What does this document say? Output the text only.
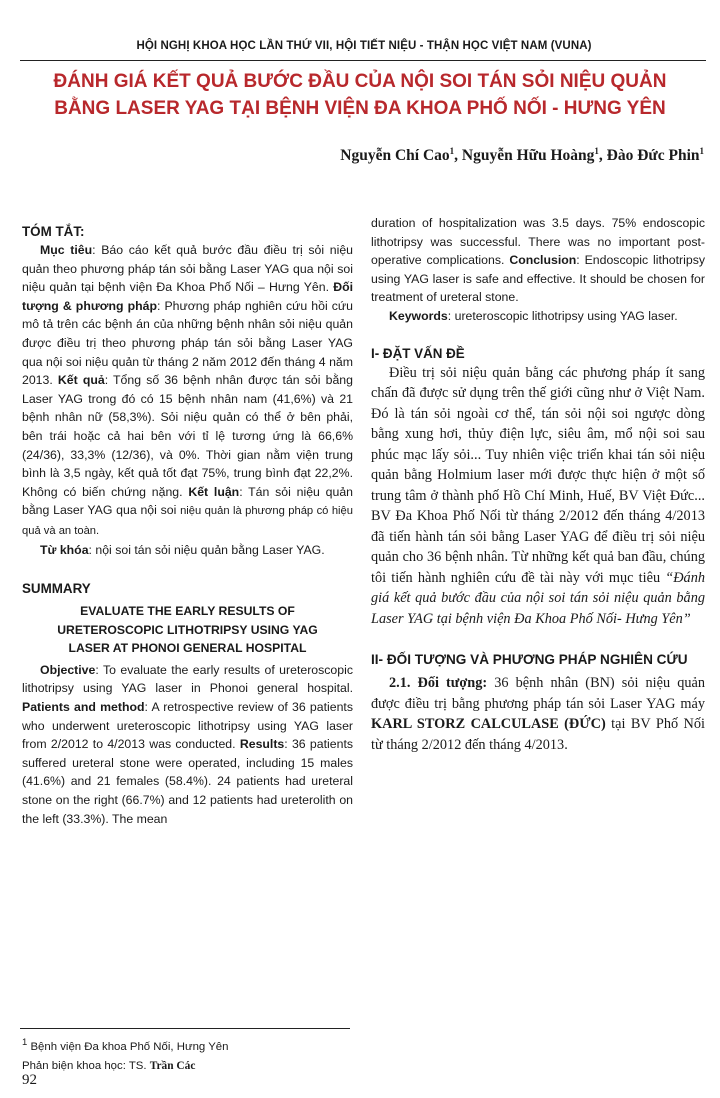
HỘI NGHỊ KHOA HỌC LẦN THỨ VII, HỘI TIẾT NIỆU - THẬN HỌC VIỆT NAM (VUNA)
ĐÁNH GIÁ KẾT QUẢ BƯỚC ĐẦU CỦA NỘI SOI TÁN SỎI NIỆU QUẢN
BẰNG LASER YAG TẠI BỆNH VIỆN ĐA KHOA PHỐ NỐI - HƯNG YÊN
Nguyễn Chí Cao$^1$, Nguyễn Hữu Hoàng$^1$, Đào Đức Phin$^1$
TÓM TẮT:

Mục tiêu: Báo cáo kết quả bước đầu điều trị sỏi niệu quản theo phương pháp tán sỏi bằng Laser YAG qua nội soi niệu quản tại bệnh viện Đa Khoa Phố Nối – Hưng Yên. Đối tượng & phương pháp: Phương pháp nghiên cứu hồi cứu mô tả trên các bệnh án của những bệnh nhân sỏi niệu quản được điều trị theo phương pháp tán sỏi bằng Laser YAG qua nội soi niệu quản từ tháng 2 năm 2012 đến tháng 4 năm 2013. Kết quả: Tổng số 36 bệnh nhân được tán sỏi bằng Laser YAG trong đó có 15 bệnh nhân nam (41,6%) và 21 bệnh nhân nữ (58,3%). Sỏi niệu quản có thể ở bên phải, bên trái hoặc cả hai bên với tỉ lệ tương ứng là 66,6% (24/36), 33,3% (12/36), và 0%. Thời gian nằm viện trung bình là 3,5 ngày, kết quả tốt đạt 75%, trung bình đạt 22,2%. Không có biến chứng nặng. Kết luận: Tán sỏi niệu quản bằng Laser YAG qua nội soi niệu quản là phương pháp có hiệu quả và an toàn.

Từ khóa: nội soi tán sỏi niệu quản bằng Laser YAG.

SUMMARY
EVALUATE THE EARLY RESULTS OF
URETEROSCOPIC LITHOTRIPSY USING YAG
LASER AT PHONOI GENERAL HOSPITAL

Objective: To evaluate the early results of ureteroscopic lithotripsy using YAG laser in Phonoi general hospital. Patients and method: A retrospective review of 36 patients who underwent ureteroscopic lithotripsy using YAG laser from 2/2012 to 4/2013 was conducted. Results: 36 patients suffered ureteral stone were operated, including 15 males (41.6%) and 21 females (58.4%). 24 patients had ureteral stone on the right (66.7%) and 12 patients had ureterolith on the left (33.3%). The mean

duration of hospitalization was 3.5 days. 75% endoscopic lithotripsy was successful. There was no important post-operative complications. Conclusion: Endoscopic lithotripsy using YAG laser is safe and effective. It should be chosen for treatment of ureteral stone.

Keywords: ureteroscopic lithotripsy using YAG laser.

I- ĐẶT VẤN ĐỀ

Điều trị sỏi niệu quản bằng các phương pháp ít sang chấn đã được sử dụng trên thế giới cũng như ở Việt Nam. Đó là tán sỏi ngoài cơ thể, tán sỏi nội soi ngược dòng bằng xung hơi, thủy điện lực, siêu âm, mổ nội soi sau phúc mạc lấy sỏi... Tuy nhiên việc triển khai tán sỏi niệu quản bằng Holmium laser mới được thực hiện ở một số trung tâm ở thành phố Hồ Chí Minh, Huế, BV Việt Đức... BV Đa Khoa Phố Nối từ tháng 2/2012 đến tháng 4/2013 đã tiến hành tán sỏi bằng Laser YAG để điều trị sỏi niệu quản cho 36 bệnh nhân. Từ những kết quả ban đầu, chúng tôi tiến hành nghiên cứu đề tài này với mục tiêu “Đánh giá kết quả bước đầu của nội soi tán sỏi niệu quản bằng Laser YAG tại bệnh viện Đa Khoa Phố Nối- Hưng Yên”

II- ĐỐI TƯỢNG VÀ PHƯƠNG PHÁP NGHIÊN CỨU

2.1. Đối tượng: 36 bệnh nhân (BN) sỏi niệu quản được điều trị bằng phương pháp tán sỏi Laser YAG máy KARL STORZ CALCULASE (ĐỨC) tại BV Phố Nối từ tháng 2/2012 đến tháng 4/2013.

$^1$ Bệnh viện Đa khoa Phố Nối, Hưng Yên
Phản biện khoa học: TS. Trần Các
92
